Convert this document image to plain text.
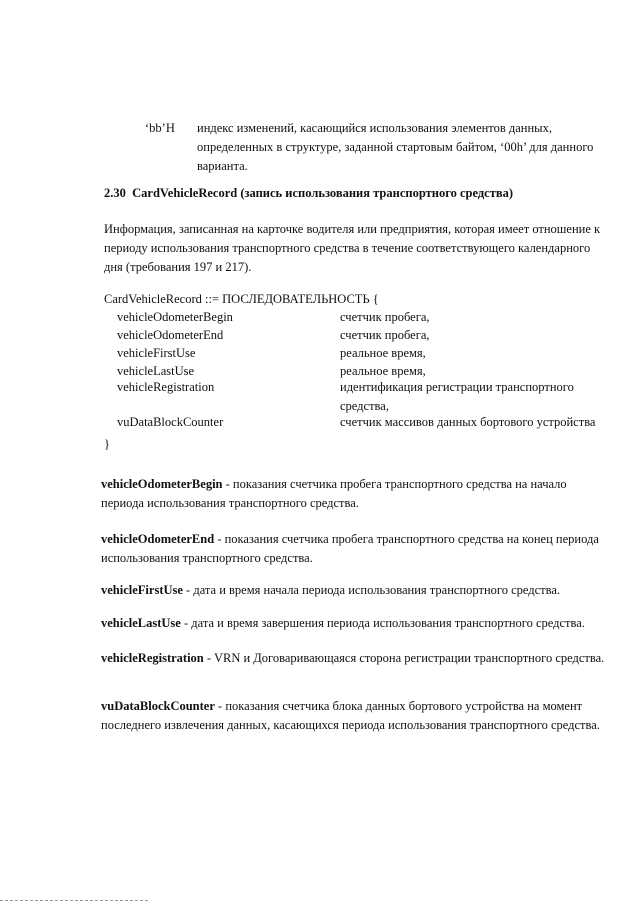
‘bb’H индекс изменений, касающийся использования элементов данных, определенных в структуре, заданной стартовым байтом, ‘00h’ для данного варианта.
2.30 CardVehicleRecord (запись использования транспортного средства)
Информация, записанная на карточке водителя или предприятия, которая имеет отношение к периоду использования транспортного средства в течение соответствующего календарного дня (требования 197 и 217).
CardVehicleRecord ::= ПОСЛЕДОВАТЕЛЬНОСТЬ {
vehicleOdometerBegin	счетчик пробега,
vehicleOdometerEnd	счетчик пробега,
vehicleFirstUse	реальное время,
vehicleLastUse	реальное время,
vehicleRegistration	идентификация регистрации транспортного средства,
vuDataBlockCounter	счетчик массивов данных бортового устройства
}
vehicleOdometerBegin - показания счетчика пробега транспортного средства на начало периода использования транспортного средства.
vehicleOdometerEnd - показания счетчика пробега транспортного средства на конец периода использования транспортного средства.
vehicleFirstUse - дата и время начала периода использования транспортного средства.
vehicleLastUse - дата и время завершения периода использования транспортного средства.
vehicleRegistration - VRN и Договаривающаяся сторона регистрации транспортного средства.
vuDataBlockCounter - показания счетчика блока данных бортового устройства на момент последнего извлечения данных, касающихся периода использования транспортного средства.
